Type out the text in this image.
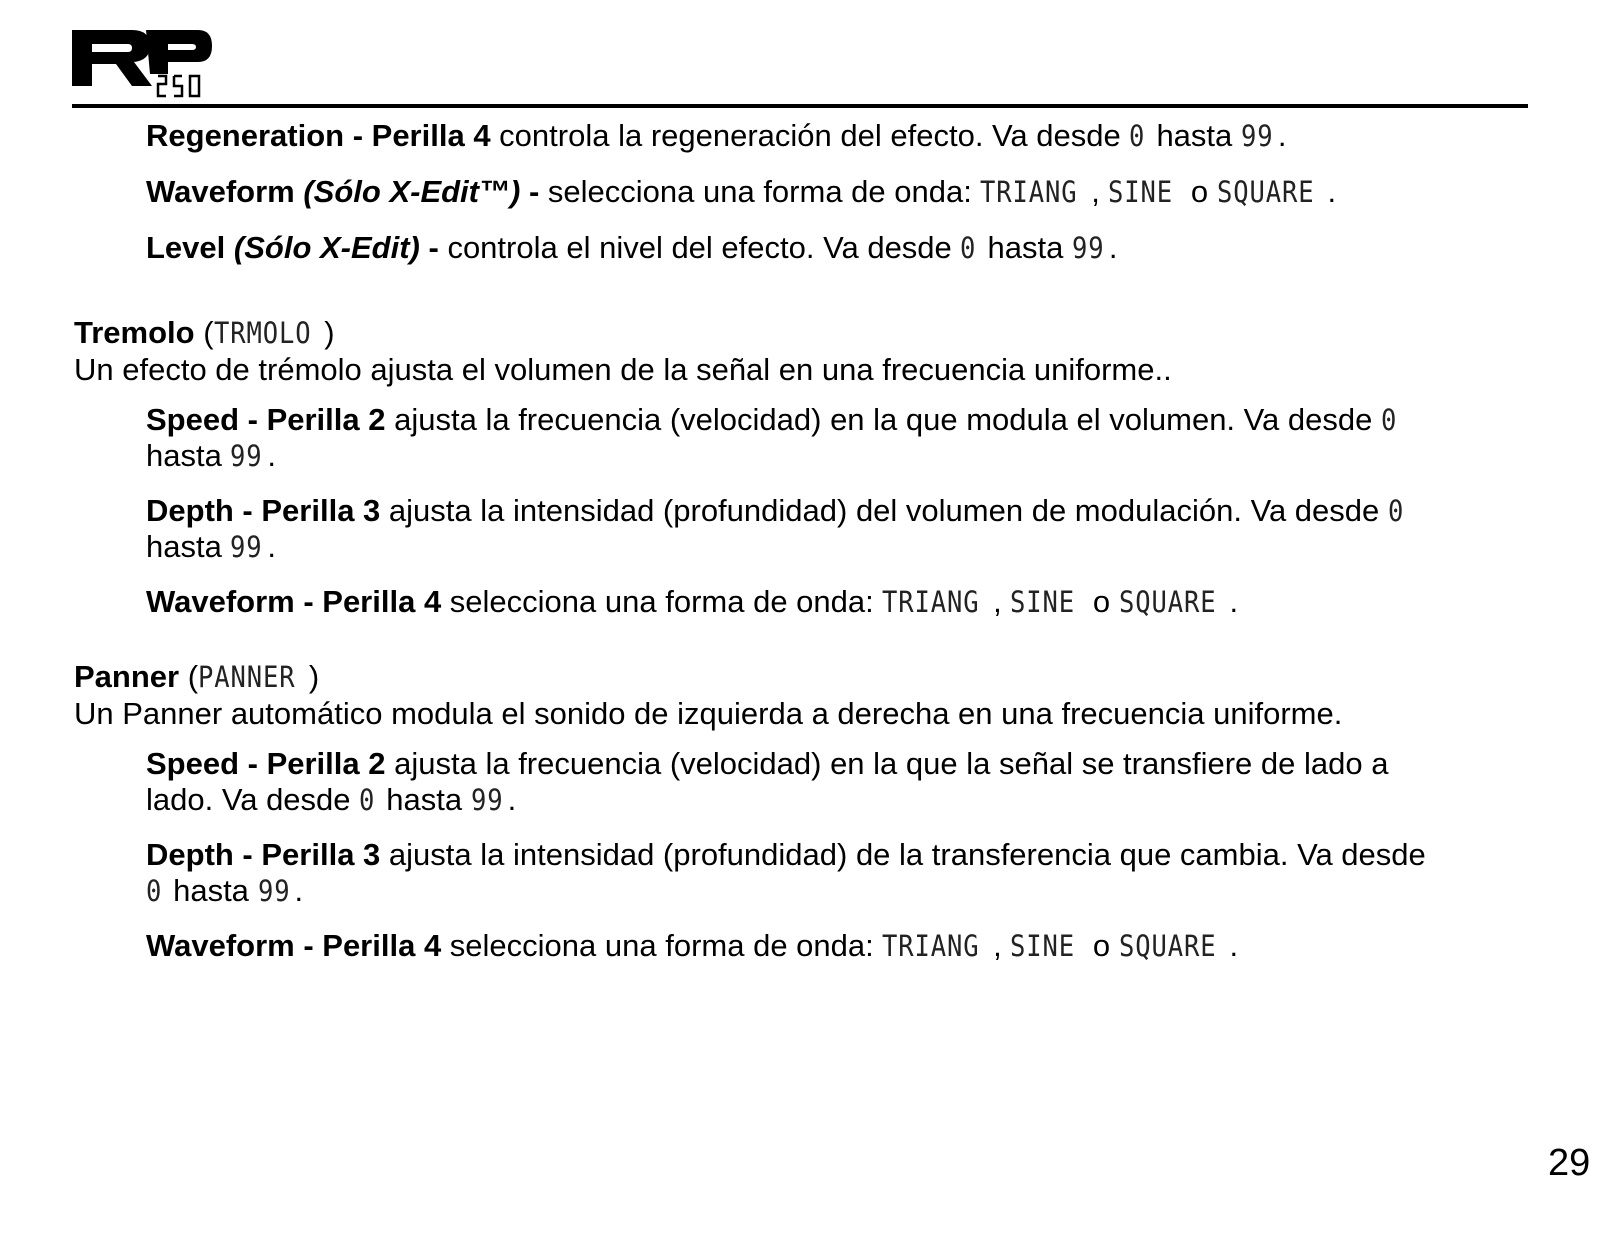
Regeneration - Perilla 4 controla la regeneración del efecto. Va desde 0 hasta 99 .
Waveform (Sólo X-Edit™) - selecciona una forma de onda: TRIANG , SINE o SQUARE .
Level (Sólo X-Edit) - controla el nivel del efecto. Va desde 0 hasta 99 .
Tremolo (TRMOLO )
Un efecto de trémolo ajusta el volumen de la señal en una frecuencia uniforme..
Speed - Perilla 2 ajusta la frecuencia (velocidad) en la que modula el volumen. Va desde 0
hasta 99 .
Depth - Perilla 3 ajusta la intensidad (profundidad) del volumen de modulación. Va desde 0
hasta 99 .
Waveform - Perilla 4 selecciona una forma de onda: TRIANG , SINE o SQUARE .
Panner (PANNER )
Un Panner automático modula el sonido de izquierda a derecha en una frecuencia uniforme.
Speed - Perilla 2 ajusta la frecuencia (velocidad) en la que la señal se transfiere de lado a
lado. Va desde 0 hasta 99 .
Depth - Perilla 3 ajusta la intensidad (profundidad) de la transferencia que cambia. Va desde
0 hasta 99 .
Waveform - Perilla 4 selecciona una forma de onda: TRIANG , SINE o SQUARE .
29
